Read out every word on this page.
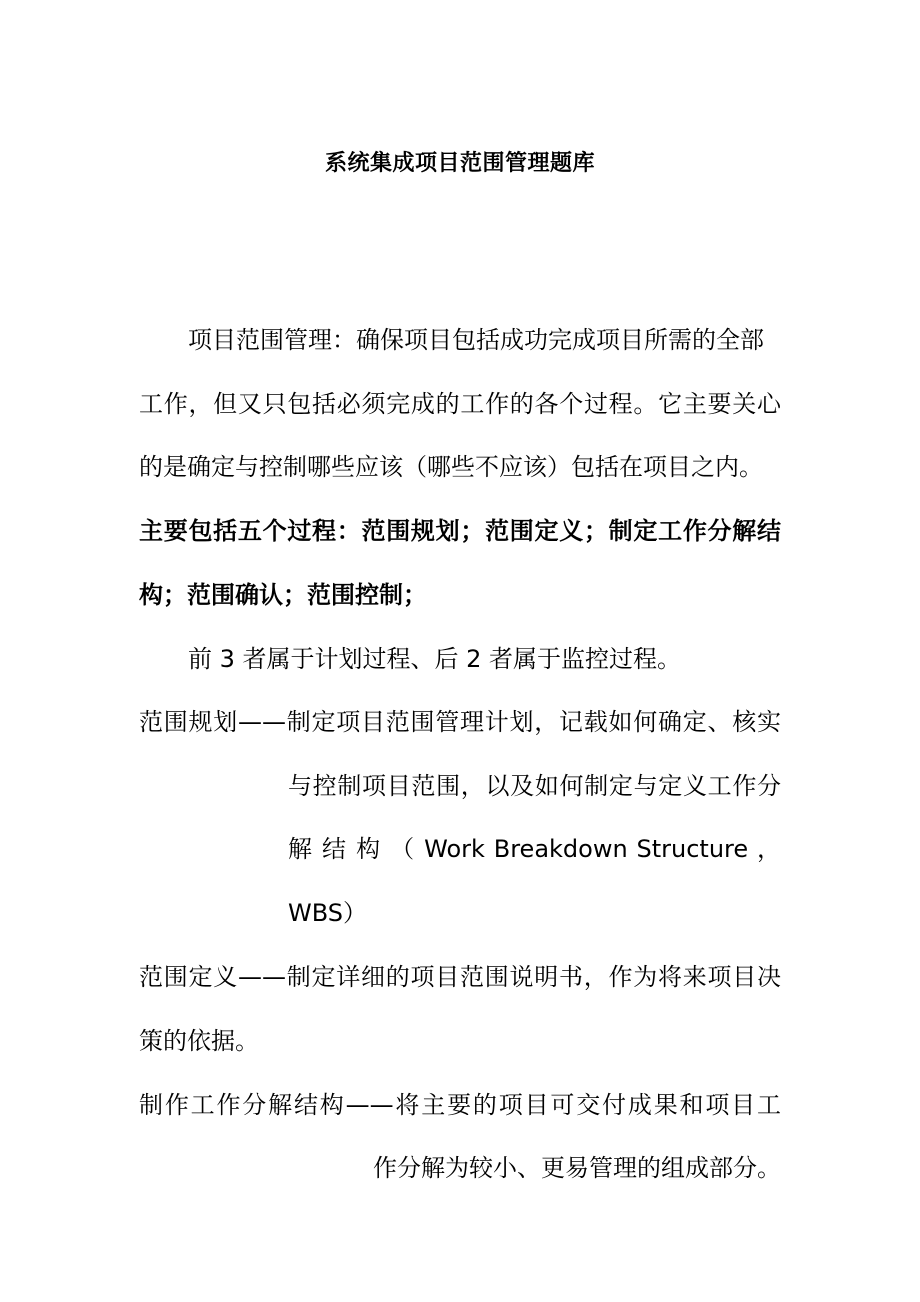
系统集成项目范围管理题库
项目范围管理：确保项目包括成功完成项目所需的全部
工作，但又只包括必须完成的工作的各个过程。它主要关心
的是确定与控制哪些应该（哪些不应该）包括在项目之内。
主要包括五个过程：范围规划；范围定义；制定工作分解结
构；范围确认；范围控制；
前 3 者属于计划过程、后 2 者属于监控过程。
范围规划——制定项目范围管理计划，记载如何确定、核实
与控制项目范围，以及如何制定与定义工作分
解 结 构 （ Work Breakdown Structure ，
WBS）
范围定义——制定详细的项目范围说明书，作为将来项目决
策的依据。
制作工作分解结构——将主要的项目可交付成果和项目工
作分解为较小、更易管理的组成部分。
